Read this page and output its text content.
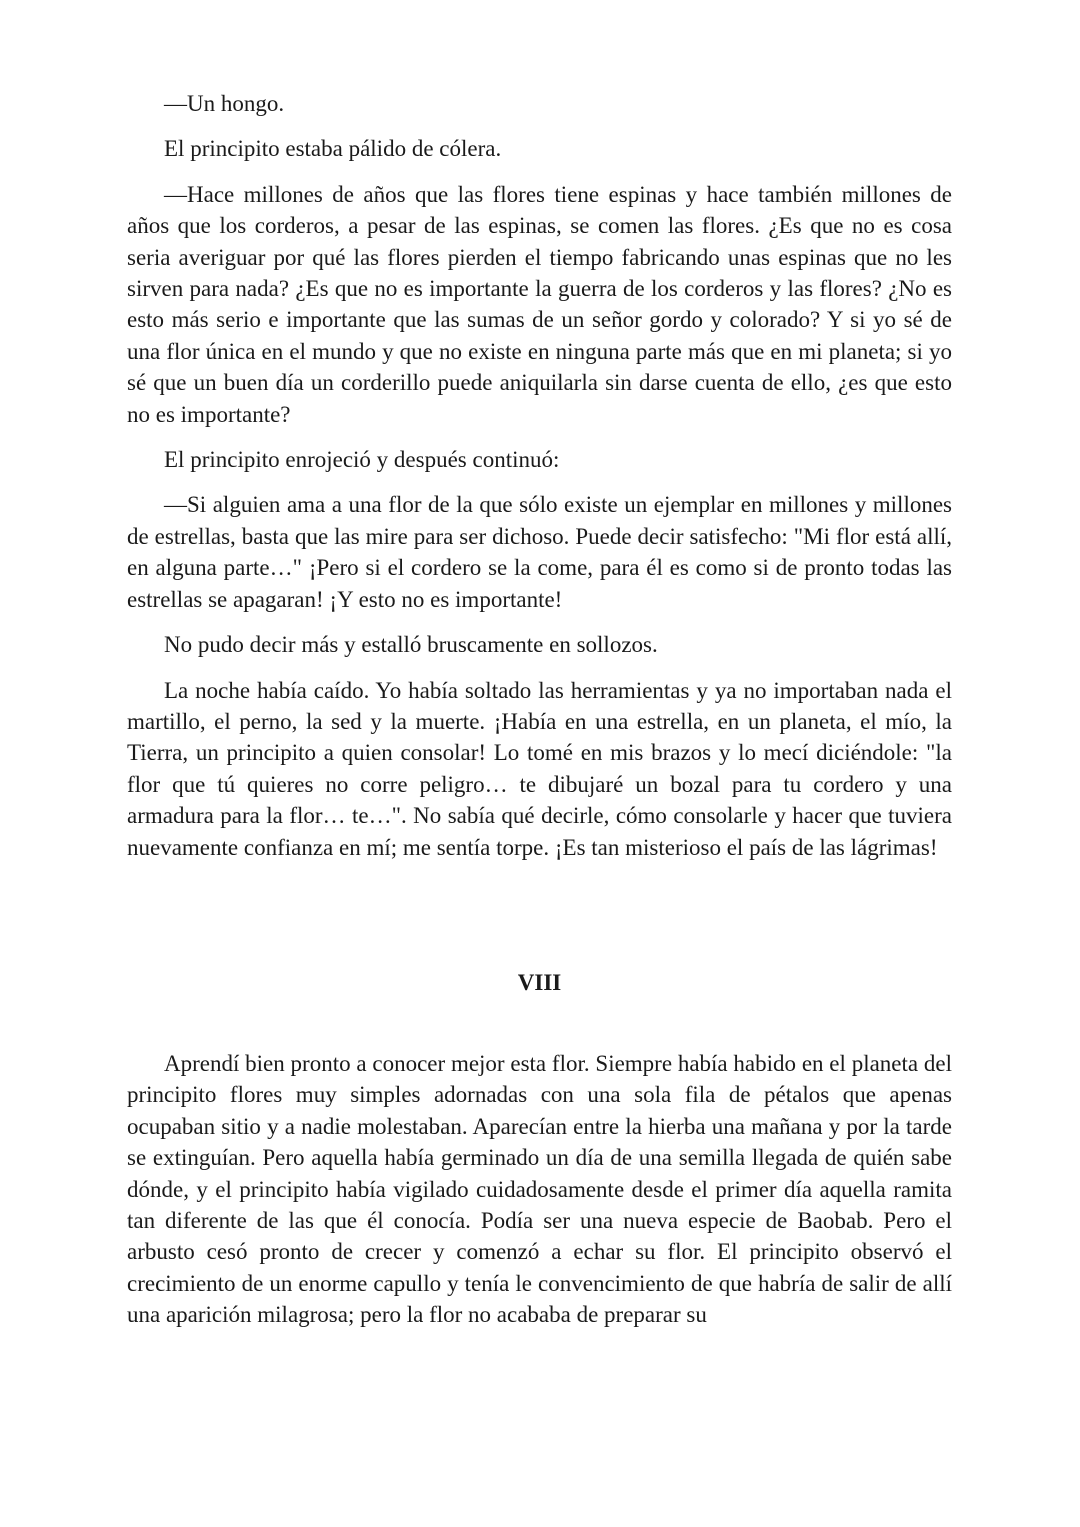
—Un hongo.

El principito estaba pálido de cólera.

—Hace millones de años que las flores tiene espinas y hace también millones de años que los corderos, a pesar de las espinas, se comen las flores. ¿Es que no es cosa seria averiguar por qué las flores pierden el tiempo fabricando unas espinas que no les sirven para nada? ¿Es que no es importante la guerra de los corderos y las flores? ¿No es esto más serio e importante que las sumas de un señor gordo y colorado? Y si yo sé de una flor única en el mundo y que no existe en ninguna parte más que en mi planeta; si yo sé que un buen día un corderillo puede aniquilarla sin darse cuenta de ello, ¿es que esto no es importante?

El principito enrojeció y después continuó:

—Si alguien ama a una flor de la que sólo existe un ejemplar en millones y millones de estrellas, basta que las mire para ser dichoso. Puede decir satisfecho: "Mi flor está allí, en alguna parte…" ¡Pero si el cordero se la come, para él es como si de pronto todas las estrellas se apagaran! ¡Y esto no es importante!

No pudo decir más y estalló bruscamente en sollozos.

La noche había caído. Yo había soltado las herramientas y ya no importaban nada el martillo, el perno, la sed y la muerte. ¡Había en una estrella, en un planeta, el mío, la Tierra, un principito a quien consolar! Lo tomé en mis brazos y lo mecí diciéndole: "la flor que tú quieres no corre peligro… te dibujaré un bozal para tu cordero y una armadura para la flor… te…". No sabía qué decirle, cómo consolarle y hacer que tuviera nuevamente confianza en mí; me sentía torpe. ¡Es tan misterioso el país de las lágrimas!

VIII

Aprendí bien pronto a conocer mejor esta flor. Siempre había habido en el planeta del principito flores muy simples adornadas con una sola fila de pétalos que apenas ocupaban sitio y a nadie molestaban. Aparecían entre la hierba una mañana y por la tarde se extinguían. Pero aquella había germinado un día de una semilla llegada de quién sabe dónde, y el principito había vigilado cuidadosamente desde el primer día aquella ramita tan diferente de las que él conocía. Podía ser una nueva especie de Baobab. Pero el arbusto cesó pronto de crecer y comenzó a echar su flor. El principito observó el crecimiento de un enorme capullo y tenía le convencimiento de que habría de salir de allí una aparición milagrosa; pero la flor no acababa de preparar su
